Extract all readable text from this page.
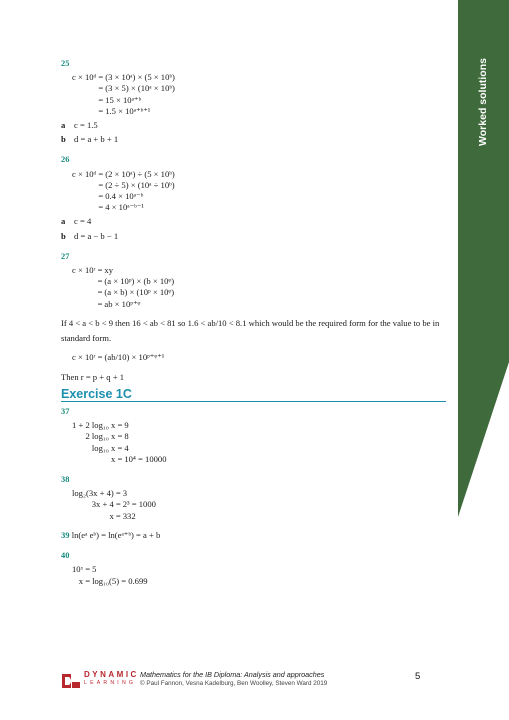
Worked solutions

25

c × 10ᵈ =	(3 × 10ᵃ) × (5 × 10ᵇ)
=	(3 × 5) × (10ᵃ × 10ᵇ)
=	15 × 10ᵃ⁺ᵇ
=	1.5 × 10ᵃ⁺ᵇ⁺¹

a c = 1.5

b d = a + b + 1

26

c × 10ᵈ =	(2 × 10ᵃ) ÷ (5 × 10ᵇ)
=	(2 ÷ 5) × (10ᵃ ÷ 10ᵇ)
=	0.4 × 10ᵃ⁻ᵇ
=	4 × 10ᵃ⁻ᵇ⁻¹

a c = 4

b d = a − b − 1

27

c × 10ʳ =	xy
=	(a × 10ᵖ) × (b × 10ᵠ)
=	(a × b) × (10ᵖ × 10ᵠ)
=	ab × 10ᵖ⁺ᵠ

If 4 < a < b < 9 then 16 < ab < 81 so 1.6 < ab/10 < 8.1 which would be the required form for the value to be in standard form.

c × 10ʳ = (ab/10) × 10ᵖ⁺ᵠ⁺¹

Then r = p + q + 1

Exercise 1C

37

1 + 2 log₁₀ x =	9
2 log₁₀ x =	8
log₁₀ x =	4
x =	10⁴ = 10000

38

log₂(3x + 4) =	3
3x + 4 =	2³ = 1000
x =	332

39 ln(eᵃ eᵇ) = ln(eᵃ⁺ᵇ) = a + b

40

10ˣ =	5
x =	log₁₀(5) = 0.699
DYNAMIC
LEARNING
Mathematics for the IB Diploma: Analysis and approaches
© Paul Fannon, Vesna Kadelburg, Ben Woolley, Steven Ward 2019
5
